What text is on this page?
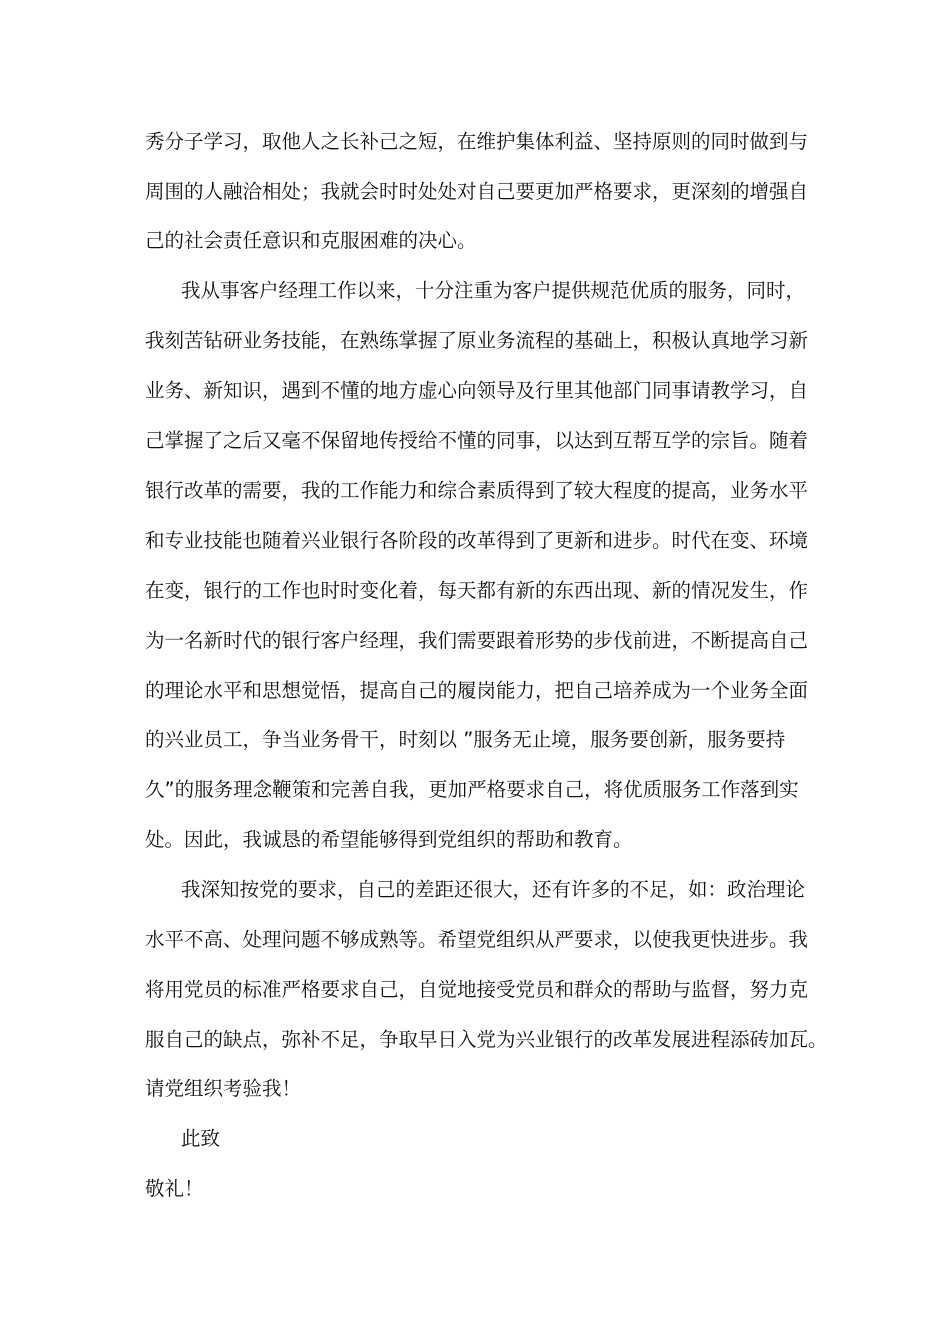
秀分子学习，取他人之长补己之短，在维护集体利益、坚持原则的同时做到与
周围的人融洽相处；我就会时时处处对自己要更加严格要求，更深刻的增强自
己的社会责任意识和克服困难的决心。
我从事客户经理工作以来，十分注重为客户提供规范优质的服务，同时，
我刻苦钻研业务技能，在熟练掌握了原业务流程的基础上，积极认真地学习新
业务、新知识，遇到不懂的地方虚心向领导及行里其他部门同事请教学习，自
己掌握了之后又毫不保留地传授给不懂的同事，以达到互帮互学的宗旨。随着
银行改革的需要，我的工作能力和综合素质得到了较大程度的提高，业务水平
和专业技能也随着兴业银行各阶段的改革得到了更新和进步。时代在变、环境
在变，银行的工作也时时变化着，每天都有新的东西出现、新的情况发生，作
为一名新时代的银行客户经理，我们需要跟着形势的步伐前进，不断提高自己
的理论水平和思想觉悟，提高自己的履岗能力，把自己培养成为一个业务全面
的兴业员工，争当业务骨干，时刻以 ”服务无止境，服务要创新，服务要持
久”的服务理念鞭策和完善自我，更加严格要求自己，将优质服务工作落到实
处。因此，我诚恳的希望能够得到党组织的帮助和教育。
我深知按党的要求，自己的差距还很大，还有许多的不足，如：政治理论
水平不高、处理问题不够成熟等。希望党组织从严要求，以使我更快进步。我
将用党员的标准严格要求自己，自觉地接受党员和群众的帮助与监督，努力克
服自己的缺点，弥补不足，争取早日入党为兴业银行的改革发展进程添砖加瓦。
请党组织考验我！
此致
敬礼！
